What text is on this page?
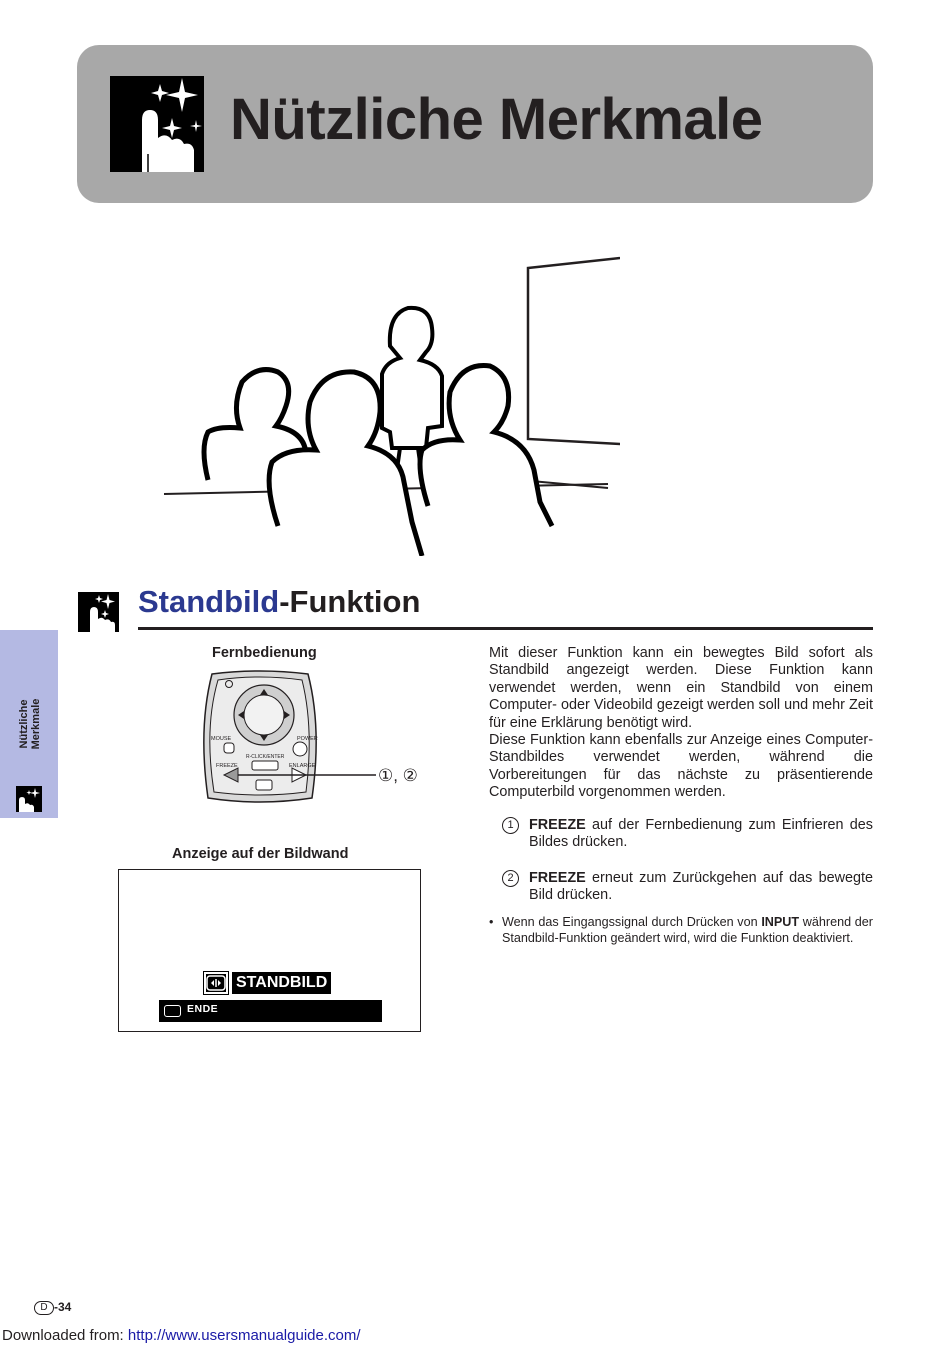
Nützliche Merkmale
Standbild-Funktion
Nützliche
Merkmale
Fernbedienung
MOUSE	POWER
R-CLICK/ENTER
FREEZE	ENLARGE	①, ②
Anzeige auf der Bildwand
STANDBILD
ENDE

Mit dieser Funktion kann ein bewegtes Bild sofort als Standbild angezeigt werden. Diese Funktion kann verwendet werden, wenn ein Standbild von einem Computer- oder Videobild gezeigt werden soll und mehr Zeit für eine Erklärung benötigt wird.

Diese Funktion kann ebenfalls zur Anzeige eines Computer-Standbildes verwendet werden, während die Vorbereitungen für das nächste zu präsentierende Computerbild vorgenommen werden.

1	FREEZE auf der Fernbedienung zum Einfrieren des Bildes drücken.
2	FREEZE erneut zum Zurückgehen auf das bewegte Bild drücken.
• Wenn das Eingangssignal durch Drücken von INPUT während der Standbild-Funktion geändert wird, wird die Funktion deaktiviert.
D -34
Downloaded from: http://www.usersmanualguide.com/
